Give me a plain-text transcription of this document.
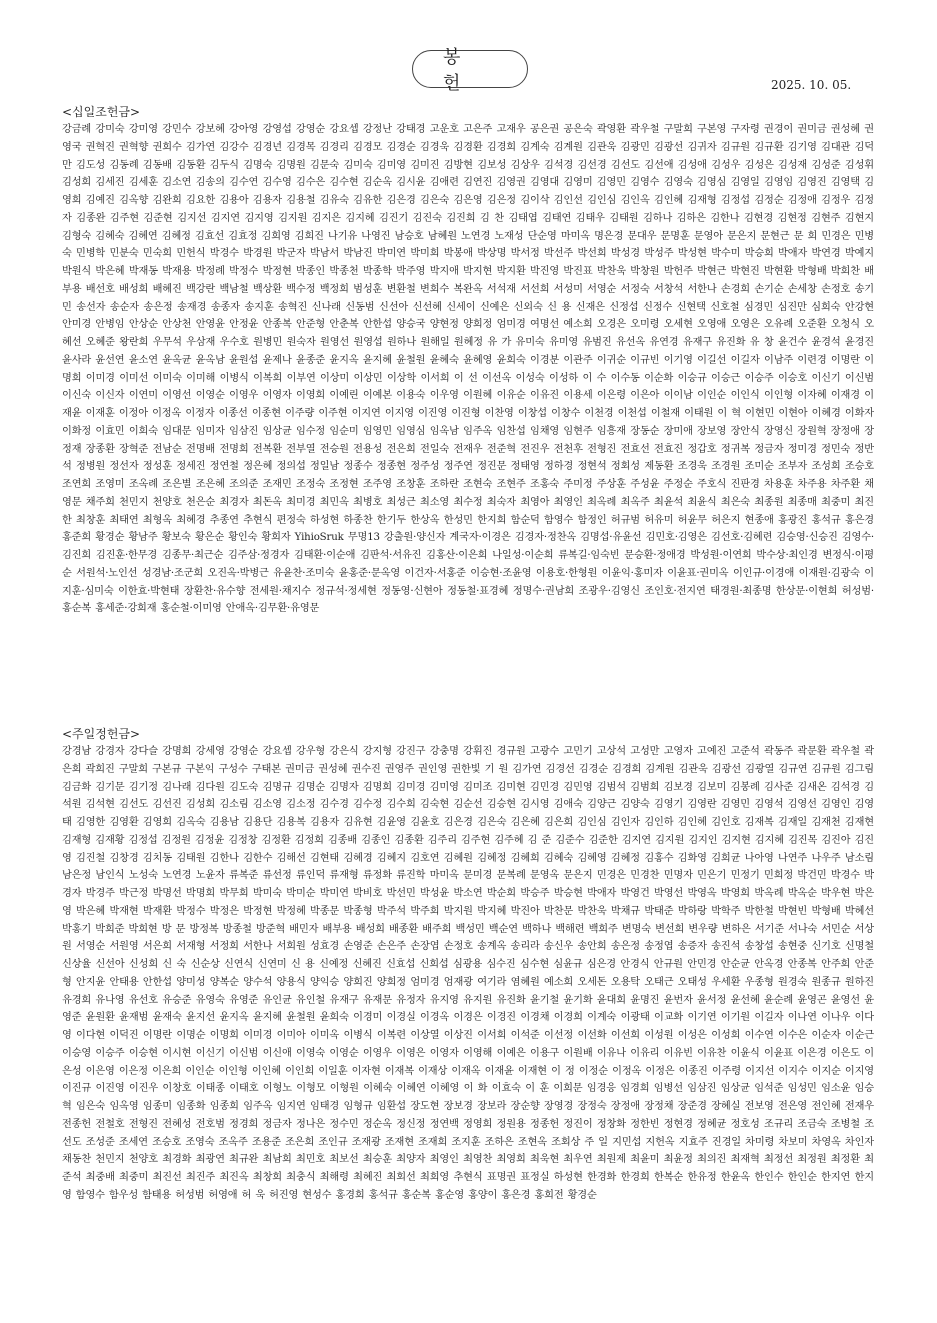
봉 헌	2025. 10. 05.

<십일조헌금>

강금례 강미숙 강미영 강민수 강보혜 강아영 강영섭 강영순 강요셉 강정난 강태경 고운호 고은주 고재우 공은권 공은숙 곽영환 곽우철 구말희 구본영 구자령 권경이 권미금 권성혜 권영국 권혁진 권혁향 권희수 김가연 김강수 김경년 김경목 김경리 김경모 김경순 김경욱 김경환 김경희 김계숙 김계원 김관욱 김광민 김광선 김귀자 김규원 김규환 김기영 김대관 김덕만 김도성 김동례 김동배 김동환 김두식 김명숙 김명원 김문숙 김미숙 김미영 김미진 김방현 김보성 김상우 김석경 김선경 김선도 김선애 김성애 김성우 김성은 김성재 김성준 김성휘 김성희 김세진 김세훈 김소연 김송의 김수연 김수영 김수은 김수현 김순옥 김시윤 김애련 김연진 김영권 김영대 김영미 김영민 김영수 김영숙 김영심 김영일 김영임 김영진 김영택 김영희 김예진 김옥향 김완희 김요한 김용아 김용자 김용철 김유숙 김유한 김은경 김은숙 김은영 김은정 김이삭 김인선 김인심 김인옥 김인혜 김재형 김정섭 김정순 김정애 김정우 김정자 김종완 김주현 김준현 김지선 김지연 김지영 김지원 김지은 김지혜 김진기 김진숙 김진희 김 찬 김태엽 김태연 김태우 김태원 김하나 김하은 김한나 김현경 김현정 김현주 김현지 김형숙 김혜숙 김혜연 김혜정 김효선 김효정 김희영 김희진 나기유 나영진 남승호 남혜원 노연경 노재성 단순영 마미옥 명은경 문대우 문명훈 문영아 문은지 문현근 문 희 민경은 민병숙 민병학 민분숙 민숙희 민헌식 박경수 박경원 박군자 박남서 박남진 박미연 박미희 박봉애 박상명 박서정 박선주 박선희 박성경 박성주 박성현 박수미 박승희 박애자 박연경 박예지 박원식 박은혜 박재동 박재용 박정례 박정수 박정현 박종인 박종천 박종학 박주영 박지애 박지현 박지환 박진영 박진표 박찬욱 박창원 박헌주 박현근 박현진 박현환 박형배 박희찬 배부용 배선호 배성희 배혜진 백강란 백남철 백상환 백수정 백정희 범성훈 변환철 변희수 복완옥 서석재 서선희 서성미 서영순 서정숙 서창석 서한나 손경희 손기순 손세창 손정호 송기민 송선자 송순자 송은정 송재경 송종자 송지훈 송혁진 신나래 신동범 신선아 신선혜 신세이 신예은 신외숙 신 용 신재은 신정섭 신정수 신현택 신호철 심경민 심진만 심희숙 안강현 안미경 안병임 안상순 안상천 안영윤 안정윤 안종복 안준형 안춘복 안한섭 양승국 양현정 양희정 엄미경 여명선 예소희 오경은 오미령 오세현 오영애 오영은 오유례 오준환 오청식 오혜선 오혜준 왕란희 우무석 우삼재 우수호 원병민 원숙자 원영선 원영섭 원하나 원해일 원혜정 유 가 유미숙 유미영 유범진 유선옥 유연경 유재구 유진화 유 창 윤건수 윤경석 윤경진 윤사라 윤선연 윤소연 윤옥균 윤옥남 윤원섭 윤제나 윤종준 윤지옥 윤지혜 윤철원 윤혜숙 윤혜영 윤희숙 이경분 이관주 이귀순 이규빈 이기영 이길선 이길자 이남주 이련경 이명란 이명희 이미경 이미선 이미숙 이미해 이병식 이복희 이부연 이상미 이상민 이상학 이서희 이 선 이선옥 이성숙 이성하 이 수 이수동 이순화 이승규 이승근 이승주 이승호 이신기 이신범 이신숙 이신자 이연미 이영선 이영순 이영우 이영자 이영희 이예린 이예본 이용숙 이우영 이원혜 이유순 이유진 이용세 이은령 이은아 이이남 이인순 이인식 이인형 이자혜 이재경 이재윤 이재훈 이정아 이정옥 이정자 이종선 이종현 이주량 이주현 이지연 이지영 이진영 이진형 이찬영 이창섭 이창수 이천경 이천섭 이철재 이태원 이 혁 이현민 이현아 이혜경 이화자 이화정 이효민 이희숙 임대문 임미자 임삼진 임상균 임수정 임순미 임영민 임영심 임옥남 임주옥 임찬섭 임채영 임현주 임흥재 장동순 장미애 장보영 장안식 장영신 장원혁 장정애 장정재 장종환 장혁준 전남순 전명배 전명희 전복환 전부열 전승원 전용성 전은희 전일숙 전재우 전준혁 전진우 전천후 전형진 전효선 전효진 정갑호 정귀복 정금자 정미경 정민숙 정반석 정병원 정선자 정성훈 정세진 정연철 정은혜 정의섭 정일남 정종수 정종현 정주성 정주연 정진문 정태영 정하경 정현석 정회성 제동환 조경욱 조경원 조미순 조부자 조성희 조승호 조연희 조영미 조옥례 조은별 조은혜 조의준 조재민 조정숙 조정현 조주영 조창훈 조하란 조현숙 조현주 조홍숙 주미정 주상훈 주성윤 주정순 주호식 진판경 차용훈 차주용 차주환 채영문 채주희 천민지 천양호 천은순 최경자 최돈옥 최미경 최민옥 최병호 최성근 최소영 최수정 최숙자 최영아 최영인 최옥례 최옥주 최윤석 최윤식 최은숙 최종원 최종매 최중미 최진한 최창훈 최태연 최형옥 최혜경 추종연 추현식 편정숙 하성현 하종찬 한기두 한상옥 한성민 한지희 함순덕 함영수 함정인 허규범 허유미 허윤무 허은지 현종애 홍광진 홍석규 홍은경 홍준희 황경순 황남주 황보숙 황은순 황인숙 황희자 YihioSruk 무명13 강출원·양신자 계국자·이경은 김경자·정찬옥 김명섭·유윤선 김민호·김영은 김선호·김혜련 김승영·신승진 김영수·김진희 김진훈·한무경 김종무·최근순 김주삼·정경자 김태환·이순애 김판석·서유진 김홍산·이은희 나일성·이순희 류복길·임숙빈 문승환·정애경 박성원·이연희 박수상·최인경 변정식·이평순 서원석·노인선 성경남·조군희 오진옥·박병근 유윤찬·조미숙 윤홍준·문옥영 이건자·서홍준 이승현·조윤영 이용호·한형원 이윤익·홍미자 이윤표·권미옥 이인규·이경애 이재원·김광숙 이지훈·심미숙 이한효·박현태 장환찬·유수향 전세원·채지수 정규석·정세현 정동영·신현아 정동철·표경혜 정명수·권남희 조광우·김영신 조인호·전지연 태경원·최종명 한상문·이현희 허성범·홍순복 홍세준·강희재 홍순철·이미영 안애옥·김무환·유영문

<주일정헌금>

강경남 강경자 강다슬 강명희 강세영 강영순 강요셉 강우형 강은식 강지형 강진구 강충명 강휘진 경규원 고광수 고민기 고상석 고성만 고영자 고예진 고준석 곽동주 곽문환 곽우철 곽은희 곽희진 구말희 구본규 구본익 구성수 구태본 권미금 권성혜 권수진 권영주 권인영 권한빛 기 원 김가연 김경선 김경순 김경희 김계원 김관욱 김광선 김광열 김규연 김규원 김그림 김금화 김기문 김기정 김나래 김다원 김도숙 김명규 김명순 김명자 김명희 김미경 김미영 김미조 김미현 김민경 김민영 김범석 김범희 김보경 김보미 김봉례 김사준 김새온 김석경 김석원 김석현 김선도 김선진 김성희 김소림 김소영 김소정 김수경 김수정 김수희 김숙현 김순선 김승현 김시영 김애숙 김양근 김양숙 김영기 김영란 김영민 김영석 김영선 김영인 김영태 김영한 김영환 김영희 김옥숙 김용남 김용단 김용복 김용자 김유현 김윤영 김윤호 김은경 김은숙 김은혜 김은희 김인심 김인자 김인하 김인혜 김인호 김재복 김재일 김재천 김재현 김재형 김재황 김정섭 김정원 김정윤 김정창 김정환 김정희 김종배 김종인 김종환 김주리 김주현 김주혜 김 준 김준수 김준한 김지연 김지원 김지인 김지현 김지혜 김진목 김진아 김진영 김진철 김창경 김치동 김태원 김한나 김한수 김해선 김현태 김혜경 김혜지 김호연 김혜원 김혜정 김혜희 김혜숙 김혜영 김혜정 김홍수 김화영 김희균 나아영 나연주 나우주 남소림 남은정 남인식 노성숙 노연경 노윤자 류복준 류선정 류인덕 류재형 류정화 류진학 마미옥 문미경 문복례 문영옥 문은지 민경은 민경찬 민명자 민은기 민정기 민희정 박건민 박경수 박경자 박경주 박근정 박명선 박명희 박무희 박미숙 박미순 박미연 박비호 박선민 박성윤 박소연 박순희 박승주 박승현 박애자 박영건 박영선 박영옥 박영희 박옥례 박옥순 박우현 박은영 박은혜 박재현 박재환 박정수 박정은 박정현 박정혜 박종문 박종형 박주석 박주희 박지원 박지혜 박진아 박찬문 박찬욱 박채규 박태준 박하랑 박학주 박한철 박현빈 박형배 박혜선 박홍기 박희준 박희현 방 문 방정복 방종철 방준혁 배민자 배부용 배성희 배종환 배주희 백성민 백순연 백하나 백해련 백희주 변명숙 변선희 변우량 변하은 서기준 서나숙 서민순 서상원 서영순 서원영 서은희 서재형 서정희 서한나 서희원 성효경 손영준 손은주 손장엽 손정호 송계옥 송리라 송신우 송안희 송은정 송정엽 송증자 송진석 송창섭 송현중 신기호 신명철 신상율 신선아 신성희 신 숙 신순상 신연식 신연미 신 용 신예정 신혜진 신효섭 신희섭 심광용 심수진 심수현 심윤규 심은경 안경식 안규원 안민경 안순균 안옥경 안종복 안주희 안준형 안지윤 안태용 안한섭 양미성 양복순 양수석 양용식 양익승 양희진 양희정 엄미경 엄재광 여기라 염혜원 예소희 오세돈 오용탁 오태근 오태성 우세환 우종형 원경숙 원종규 원하진 유경희 유나영 유선호 유승준 유영숙 유영준 유인균 유인철 유재구 유재문 유정자 유지영 유지원 유진화 윤기철 윤기화 윤대희 윤명진 윤번자 윤서정 윤선혜 윤순례 윤영곤 윤영선 윤영준 윤원환 윤재범 윤재숙 윤지선 윤지옥 윤지혜 윤철원 윤희숙 이경미 이경실 이경옥 이경은 이경진 이경채 이경희 이계숙 이광태 이교화 이기연 이기원 이길자 이나연 이나우 이다영 이다현 이덕진 이명란 이명순 이명희 이미경 이미아 이미옥 이병식 이복련 이상열 이상진 이서희 이석준 이선정 이선화 이선희 이성원 이성은 이성희 이수연 이수은 이순자 이순근 이승영 이승주 이승현 이시현 이신기 이신범 이신애 이영숙 이영순 이영우 이영은 이영자 이영해 이예은 이용구 이원배 이유나 이유리 이유빈 이유찬 이윤식 이윤표 이은경 이은도 이은성 이은영 이은정 이은희 이인순 이인형 이인혜 이인희 이일훈 이자현 이재복 이재상 이재옥 이재윤 이재현 이 정 이정순 이정옥 이정은 이종진 이주령 이지선 이지수 이지순 이지영 이진규 이진영 이진우 이창호 이태종 이태호 이형노 이형모 이형원 이혜숙 이혜연 이혜영 이 화 이효숙 이 훈 이희문 임경응 임경희 임병선 임삼진 임상균 임석준 임성민 임소윤 임승혁 임은숙 임옥영 임종미 임종화 임종희 임주옥 임지연 임태경 임형규 임환섭 장도현 장보경 장보라 장순향 장영경 장정숙 장정애 장정채 장준경 장혜실 전보영 전은영 전인혜 전재우 전종헌 전철호 전형진 전혜성 전호범 정경희 정금자 정나은 정수민 정순옥 정신정 정연백 정영희 정원용 정종헌 정진이 정창화 정한빈 정현경 정혜균 정호성 조규리 조금숙 조병철 조선도 조성준 조세연 조승호 조영숙 조옥주 조용준 조은희 조인규 조재광 조재현 조재희 조지훈 조하은 조현옥 조회상 주 일 지민섭 지헌옥 지효주 진경일 차미령 차보미 차영옥 차인자 채동찬 천민지 천양호 최경화 최광연 최규완 최남희 최민호 최보선 최승훈 최양자 최영인 최영찬 최영희 최욱현 최우연 최원제 최윤미 최윤정 최의진 최재혁 최정선 최정원 최정환 최준석 최중배 최중미 최진선 최진주 최진옥 최창희 최충식 최해령 최혜진 최회선 최희영 추현식 표명권 표정실 하성현 한경화 한경희 한복순 한유정 한윤옥 한인수 한인순 한지연 한지영 함영수 함우성 함태용 허성범 허영애 허 욱 허진영 현성수 홍경희 홍석규 홍순복 홍순영 홍양이 홍은경 홍희전 황경순
